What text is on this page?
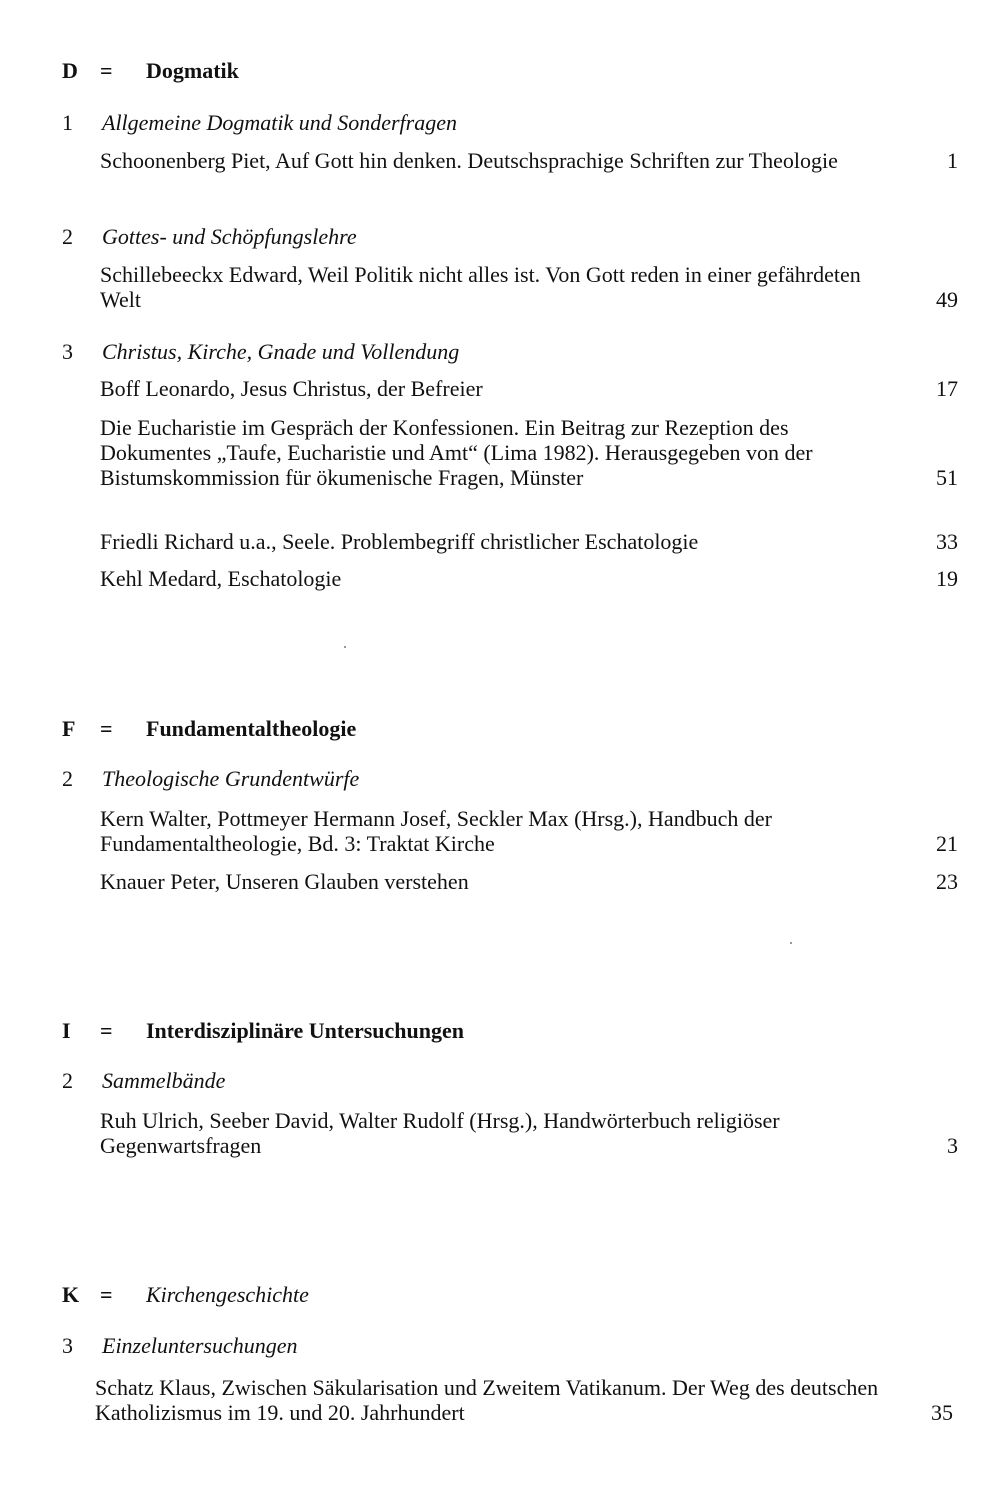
D = Dogmatik
1 Allgemeine Dogmatik und Sonderfragen
Schoonenberg Piet, Auf Gott hin denken. Deutschsprachige Schriften zur Theologie	1
2 Gottes- und Schöpfungslehre
Schillebeeckx Edward, Weil Politik nicht alles ist. Von Gott reden in einer gefährdeten Welt	49
3 Christus, Kirche, Gnade und Vollendung
Boff Leonardo, Jesus Christus, der Befreier	17
Die Eucharistie im Gespräch der Konfessionen. Ein Beitrag zur Rezeption des Dokumentes „Taufe, Eucharistie und Amt“ (Lima 1982). Herausgegeben von der Bistumskommission für ökumenische Fragen, Münster	51
Friedli Richard u.a., Seele. Problembegriff christlicher Eschatologie	33
Kehl Medard, Eschatologie	19
F = Fundamentaltheologie
2 Theologische Grundentwürfe
Kern Walter, Pottmeyer Hermann Josef, Seckler Max (Hrsg.), Handbuch der Fundamentaltheologie, Bd. 3: Traktat Kirche	21
Knauer Peter, Unseren Glauben verstehen	23
I = Interdisziplinäre Untersuchungen
2 Sammelbände
Ruh Ulrich, Seeber David, Walter Rudolf (Hrsg.), Handwörterbuch religiöser Gegenwartsfragen	3
K = Kirchengeschichte
3 Einzeluntersuchungen
Schatz Klaus, Zwischen Säkularisation und Zweitem Vatikanum. Der Weg des deutschen Katholizismus im 19. und 20. Jahrhundert	35
